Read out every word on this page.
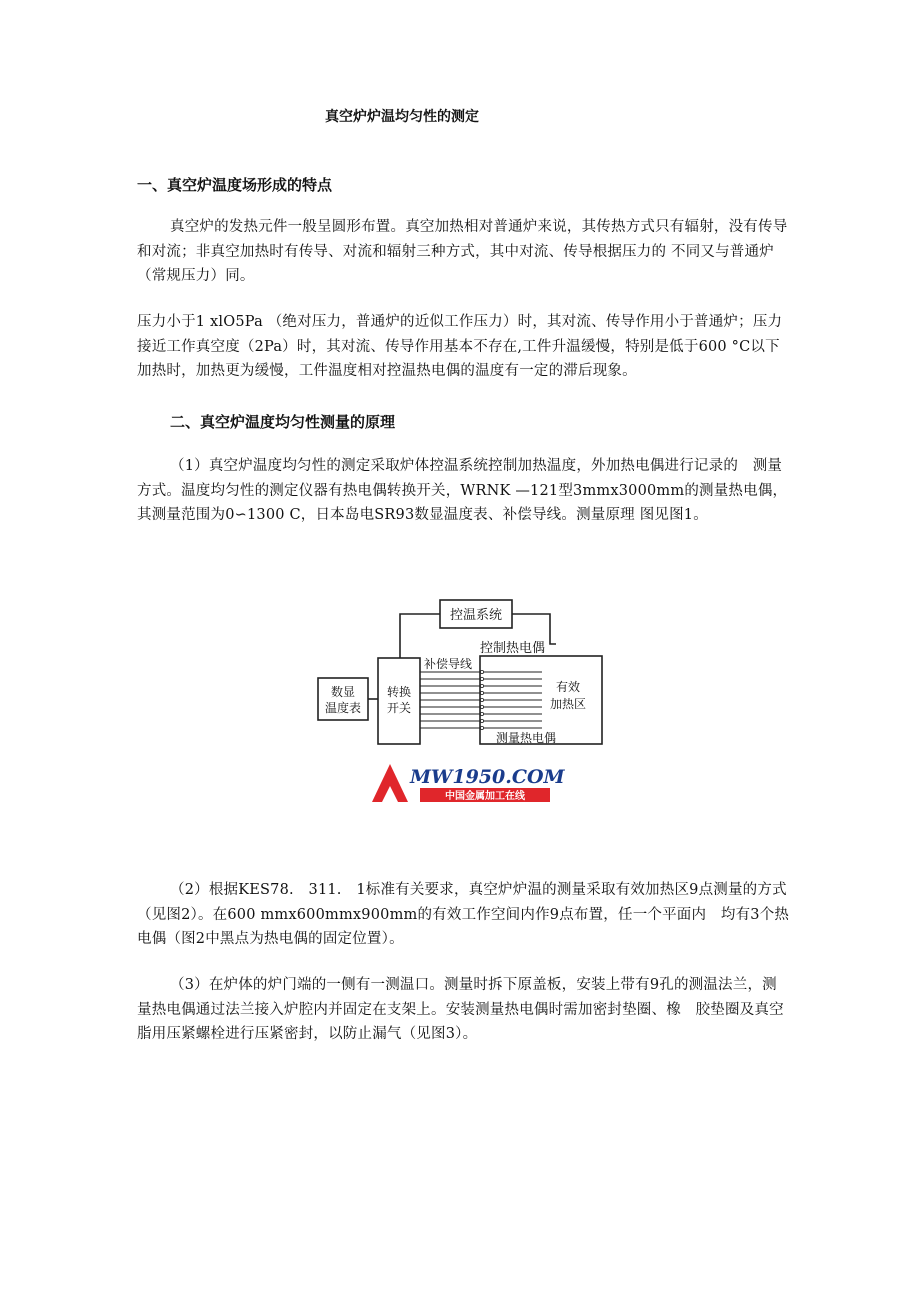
真空炉炉温均匀性的测定
一、真空炉温度场形成的特点
真空炉的发热元件一般呈圆形布置。真空加热相对普通炉来说，其传热方式只有辐射，没有传导和对流；非真空加热时有传导、对流和辐射三种方式，其中对流、传导根据压力的 不同又与普通炉（常规压力）同。
压力小于1 xlO5Pa （绝对压力，普通炉的近似工作压力）时，其对流、传导作用小于普通炉；压力接近工作真空度（2Pa）时，其对流、传导作用基本不存在,工件升温缓慢，特别是低于600 °C以下加热时，加热更为缓慢，工件温度相对控温热电偶的温度有一定的滞后现象。
二、真空炉温度均匀性测量的原理
（1）真空炉温度均匀性的测定采取炉体控温系统控制加热温度，外加热电偶进行记录的　测量方式。温度均匀性的测定仪器有热电偶转换开关，WRNK —121型3mmx3000mm的测量热电偶，其测量范围为0∽1300 C，日本岛电SR93数显温度表、补偿导线。测量原理 图见图1。
控温系统
控制热电偶
补偿导线
数显
温度表
转换
开关
有效
加热区
测量热电偶
MW1950.COM
中国金属加工在线
（2）根据KES78.　311.　1标准有关要求，真空炉炉温的测量采取有效加热区9点测量的方式（见图2）。在600 mmx600mmx900mm的有效工作空间内作9点布置，任一个平面内　均有3个热电偶（图2中黑点为热电偶的固定位置）。
（3）在炉体的炉门端的一侧有一测温口。测量时拆下原盖板，安装上带有9孔的测温法兰，测量热电偶通过法兰接入炉腔内并固定在支架上。安装测量热电偶时需加密封垫圈、橡　胶垫圈及真空脂用压紧螺栓进行压紧密封，以防止漏气（见图3）。
